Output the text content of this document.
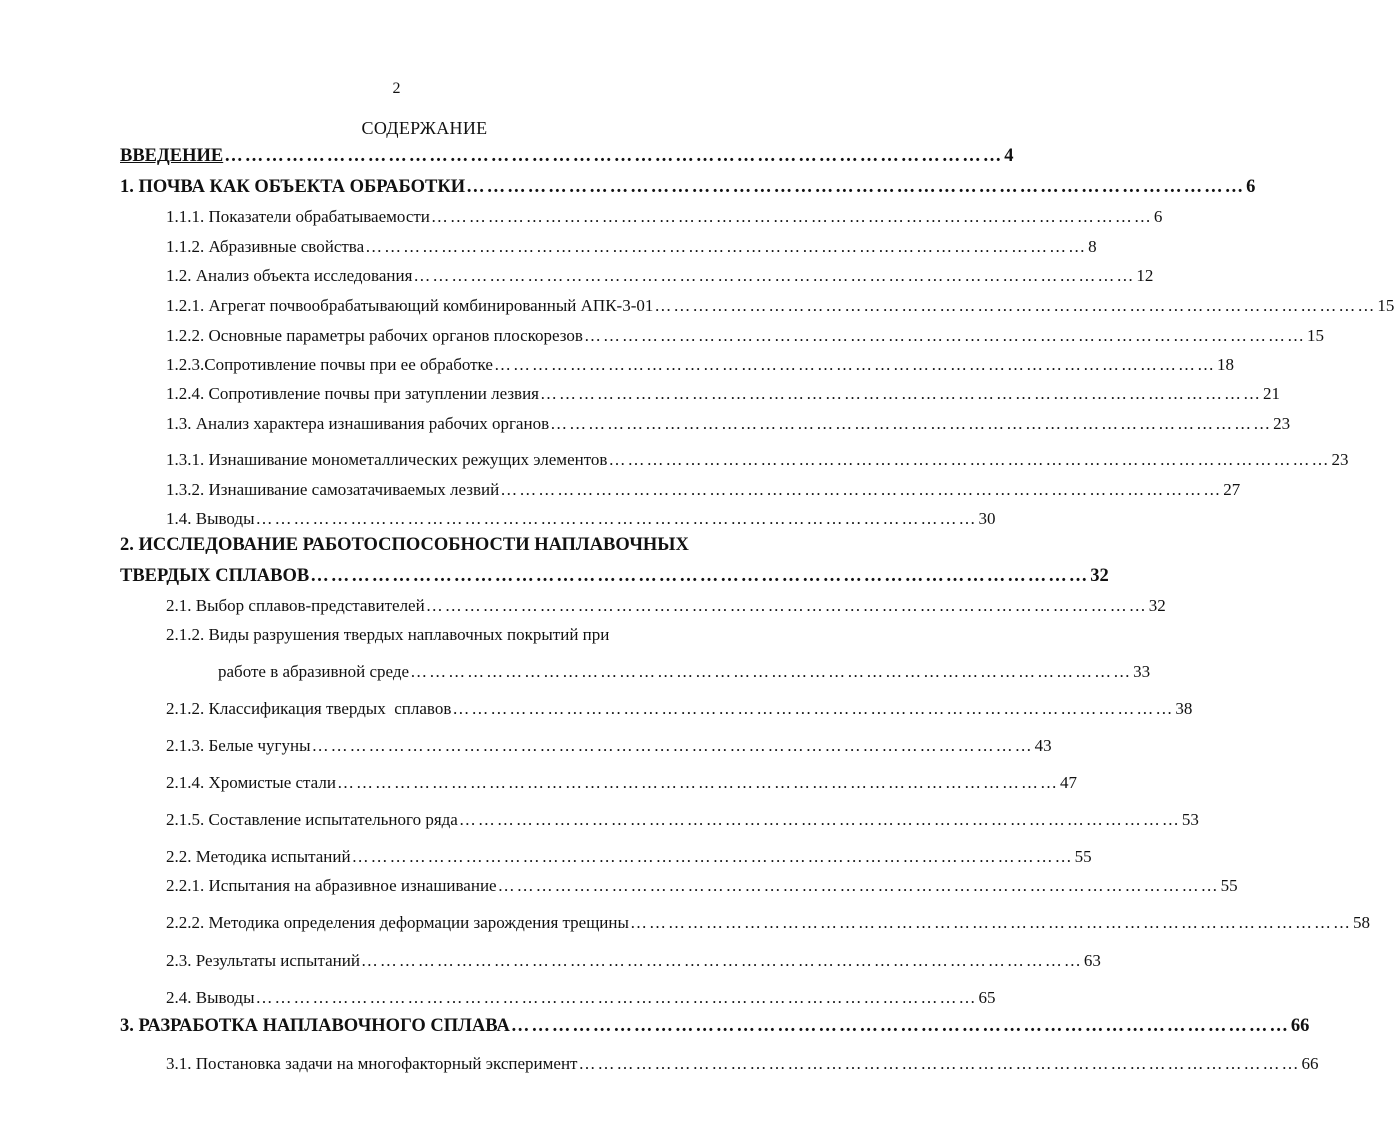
2
СОДЕРЖАНИЕ
ВВЕДЕНИЕ …………………………………………………………………………………………………… 4
1. ПОЧВА КАК ОБЪЕКТА ОБРАБОТКИ …………………………………………………………………………………………………… 6
1.1.1. Показатели обрабатываемости …………………………………………………………………………………………………… 6
1.1.2. Абразивные свойства …………………………………………………………………………………………………… 8
1.2. Анализ объекта исследования …………………………………………………………………………………………………… 12
1.2.1. Агрегат почвообрабатывающий комбинированный АПК-3-01 …………………………………………………………………………………………………… 15
1.2.2. Основные параметры рабочих органов плоскорезов …………………………………………………………………………………………………… 15
1.2.3.Сопротивление почвы при ее обработке …………………………………………………………………………………………………… 18
1.2.4. Сопротивление почвы при затуплении лезвия …………………………………………………………………………………………………… 21
1.3. Анализ характера изнашивания рабочих органов …………………………………………………………………………………………………… 23
1.3.1. Изнашивание монометаллических режущих элементов …………………………………………………………………………………………………… 23
1.3.2. Изнашивание самозатачиваемых лезвий …………………………………………………………………………………………………… 27
1.4. Выводы …………………………………………………………………………………………………… 30
2. ИССЛЕДОВАНИЕ РАБОТОСПОСОБНОСТИ НАПЛАВОЧНЫХ
ТВЕРДЫХ СПЛАВОВ …………………………………………………………………………………………………… 32
2.1. Выбор сплавов-представителей …………………………………………………………………………………………………… 32
2.1.2. Виды разрушения твердых наплавочных покрытий при
работе в абразивной среде …………………………………………………………………………………………………… 33
2.1.2. Классификация твердых  сплавов …………………………………………………………………………………………………… 38
2.1.3. Белые чугуны …………………………………………………………………………………………………… 43
2.1.4. Хромистые стали …………………………………………………………………………………………………… 47
2.1.5. Составление испытательного ряда …………………………………………………………………………………………………… 53
2.2. Методика испытаний …………………………………………………………………………………………………… 55
2.2.1. Испытания на абразивное изнашивание …………………………………………………………………………………………………… 55
2.2.2. Методика определения деформации зарождения трещины …………………………………………………………………………………………………… 58
2.3. Результаты испытаний …………………………………………………………………………………………………… 63
2.4. Выводы …………………………………………………………………………………………………… 65
3. РАЗРАБОТКА НАПЛАВОЧНОГО СПЛАВА …………………………………………………………………………………………………… 66
3.1. Постановка задачи на многофакторный эксперимент …………………………………………………………………………………………………… 66
